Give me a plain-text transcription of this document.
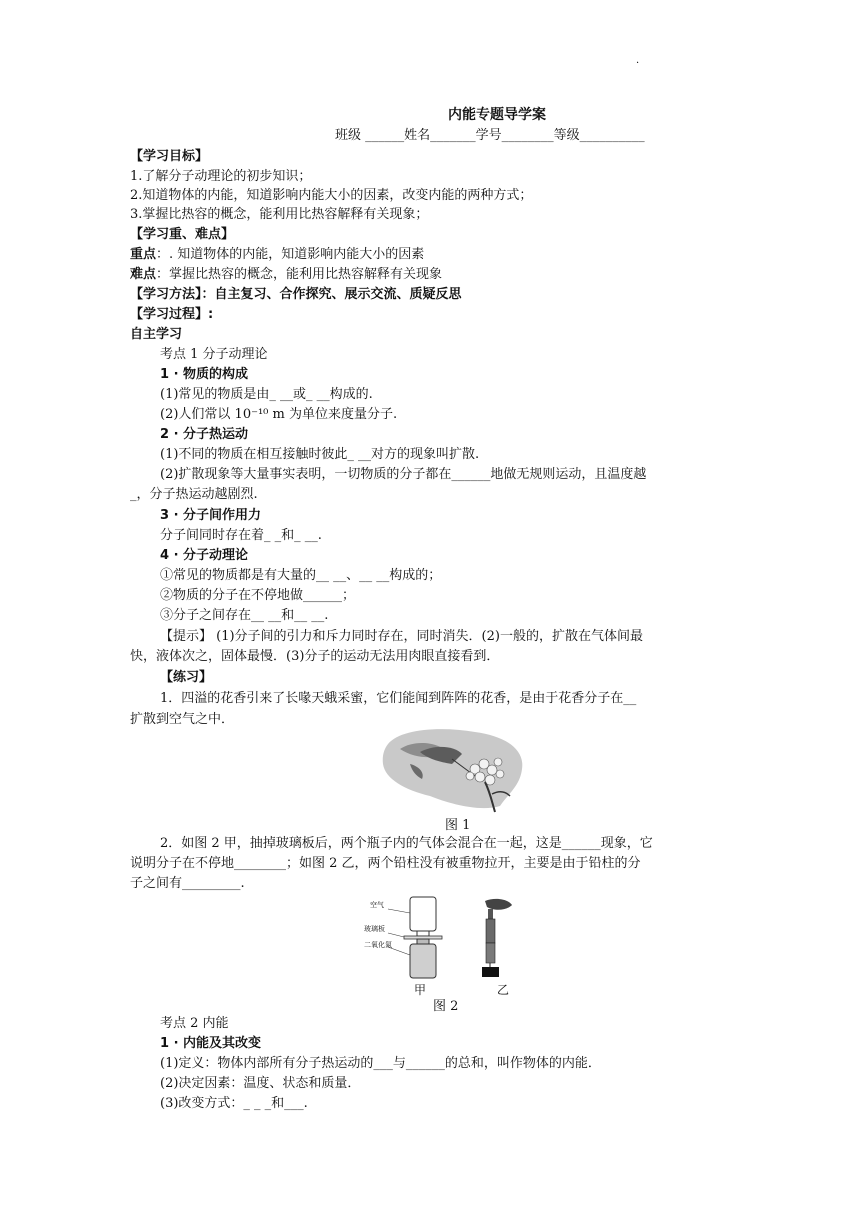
·
内能专题导学案
班级 ______姓名_______学号________等级__________
【学习目标】
1.了解分子动理论的初步知识；
2.知道物体的内能，知道影响内能大小的因素，改变内能的两种方式；
3.掌握比热容的概念，能利用比热容解释有关现象；
【学习重、难点】
重点：. 知道物体的内能，知道影响内能大小的因素
难点：掌握比热容的概念，能利用比热容解释有关现象
【学习方法】：自主复习、合作探究、展示交流、质疑反思
【学习过程】:
自主学习
考点 1 分子动理论
1 · 物质的构成
(1)常见的物质是由_ __或_ __构成的.
(2)人们常以 10⁻¹⁰ m 为单位来度量分子.
2 · 分子热运动
(1)不同的物质在相互接触时彼此_ __对方的现象叫扩散.
(2)扩散现象等大量事实表明，一切物质的分子都在______地做无规则运动，且温度越
_，分子热运动越剧烈.
3 · 分子间作用力
分子间同时存在着_ _和_ __.
4 · 分子动理论
①常见的物质都是有大量的__ __、__ __构成的；
②物质的分子在不停地做______；
③分子之间存在__ __和__ __.
【提示】 (1)分子间的引力和斥力同时存在，同时消失．(2)一般的，扩散在气体间最
快，液体次之，固体最慢．(3)分子的运动无法用肉眼直接看到．
【练习】
1．四溢的花香引来了长喙天蛾采蜜，它们能闻到阵阵的花香，是由于花香分子在__
扩散到空气之中．
图 1
2．如图 2 甲，抽掉玻璃板后，两个瓶子内的气体会混合在一起，这是______现象，它
说明分子在不停地________；如图 2 乙，两个铅柱没有被重物拉开，主要是由于铅柱的分
子之间有_________.
空气
玻璃板
二氧化氮
甲	乙
图 2
考点 2 内能
1 · 内能及其改变
(1)定义：物体内部所有分子热运动的___与______的总和，叫作物体的内能．
(2)决定因素：温度、状态和质量．
(3)改变方式：_ _ _和___.
